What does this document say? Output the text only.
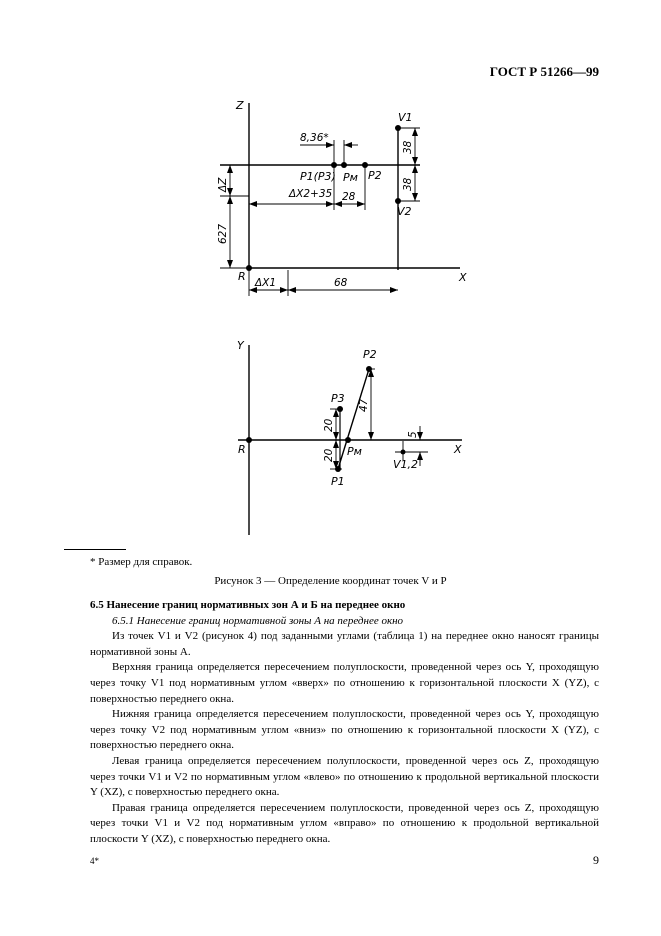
ГОСТ Р 51266—99
Z
X
R
P1(P3) Pм P2
V1
V2
8,36*
ΔX2+35 28
ΔX1	68
ΔZ
627
38
38
Y
X
R
P2
P3
Pм
P1
V1,2
47
20
20
5
* Размер для справок.
Рисунок 3 — Определение координат точек V и P

6.5 Нанесение границ нормативных зон А и Б на переднее окно

6.5.1 Нанесение границ нормативной зоны А на переднее окно

Из точек V1 и V2 (рисунок 4) под заданными углами (таблица 1) на переднее окно наносят границы нормативной зоны А.

Верхняя граница определяется пересечением полуплоскости, проведенной через ось Y, проходящую через точку V1 под нормативным углом «вверх» по отношению к горизонтальной плоскости X (YZ), с поверхностью переднего окна.

Нижняя граница определяется пересечением полуплоскости, проведенной через ось Y, проходящую через точку V2 под нормативным углом «вниз» по отношению к горизонтальной плоскости X (YZ), с поверхностью переднего окна.

Левая граница определяется пересечением полуплоскости, проведенной через ось Z, проходящую через точки V1 и V2 по нормативным углом «влево» по отношению к продольной вертикальной плоскости Y (XZ), с поверхностью переднего окна.

Правая граница определяется пересечением полуплоскости, проведенной через ось Z, проходящую через точки V1 и V2 под нормативным углом «вправо» по отношению к продольной вертикальной плоскости Y (XZ), с поверхностью переднего окна.

4*	9
